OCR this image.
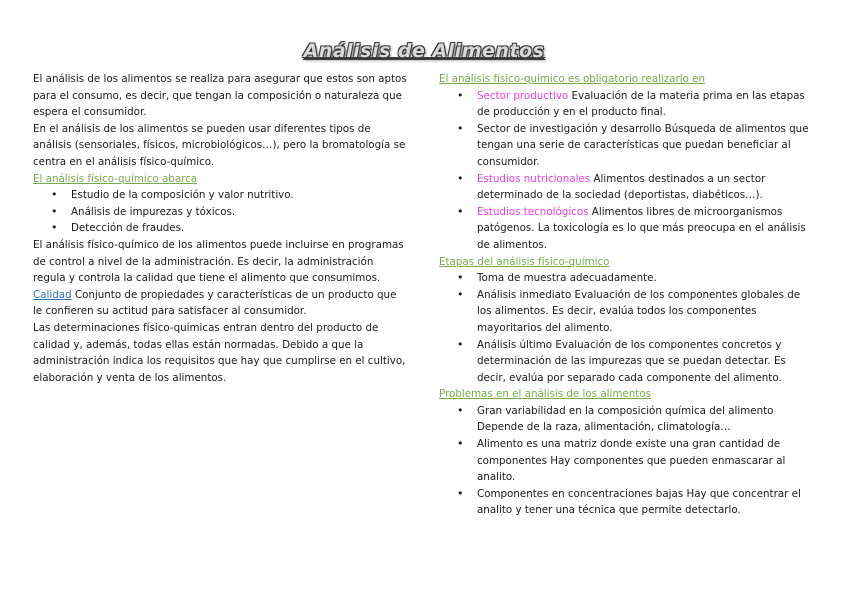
Análisis de Alimentos

El análisis de los alimentos se realiza para asegurar que estos son aptos para el consumo, es decir, que tengan la composición o naturaleza que espera el consumidor.

En el análisis de los alimentos se pueden usar diferentes tipos de análisis (sensoriales, físicos, microbiológicos…), pero la bromatología se centra en el análisis físico-químico.

El análisis físico-químico abarca

• Estudio de la composición y valor nutritivo.
• Análisis de impurezas y tóxicos.
• Detección de fraudes.

El análisis físico-químico de los alimentos puede incluirse en programas de control a nivel de la administración. Es decir, la administración regula y controla la calidad que tiene el alimento que consumimos.

Calidad Conjunto de propiedades y características de un producto que le confieren su actitud para satisfacer al consumidor.

Las determinaciones físico-químicas entran dentro del producto de calidad y, además, todas ellas están normadas. Debido a que la administración indica los requisitos que hay que cumplirse en el cultivo, elaboración y venta de los alimentos.

El análisis físico-químico es obligatorio realizarlo en

• Sector productivo Evaluación de la materia prima en las etapas de producción y en el producto final.
• Sector de investigación y desarrollo Búsqueda de alimentos que tengan una serie de características que puedan beneficiar al consumidor.
• Estudios nutricionales Alimentos destinados a un sector determinado de la sociedad (deportistas, diabéticos…).
• Estudios tecnológicos Alimentos libres de microorganismos patógenos. La toxicología es lo que más preocupa en el análisis de alimentos.

Etapas del análisis físico-químico

• Toma de muestra adecuadamente.
• Análisis inmediato Evaluación de los componentes globales de los alimentos. Es decir, evalúa todos los componentes mayoritarios del alimento.
• Análisis último Evaluación de los componentes concretos y determinación de las impurezas que se puedan detectar. Es decir, evalúa por separado cada componente del alimento.

Problemas en el análisis de los alimentos

• Gran variabilidad en la composición química del alimento Depende de la raza, alimentación, climatología…
• Alimento es una matriz donde existe una gran cantidad de componentes Hay componentes que pueden enmascarar al analito.
• Componentes en concentraciones bajas Hay que concentrar el analito y tener una técnica que permite detectarlo.
